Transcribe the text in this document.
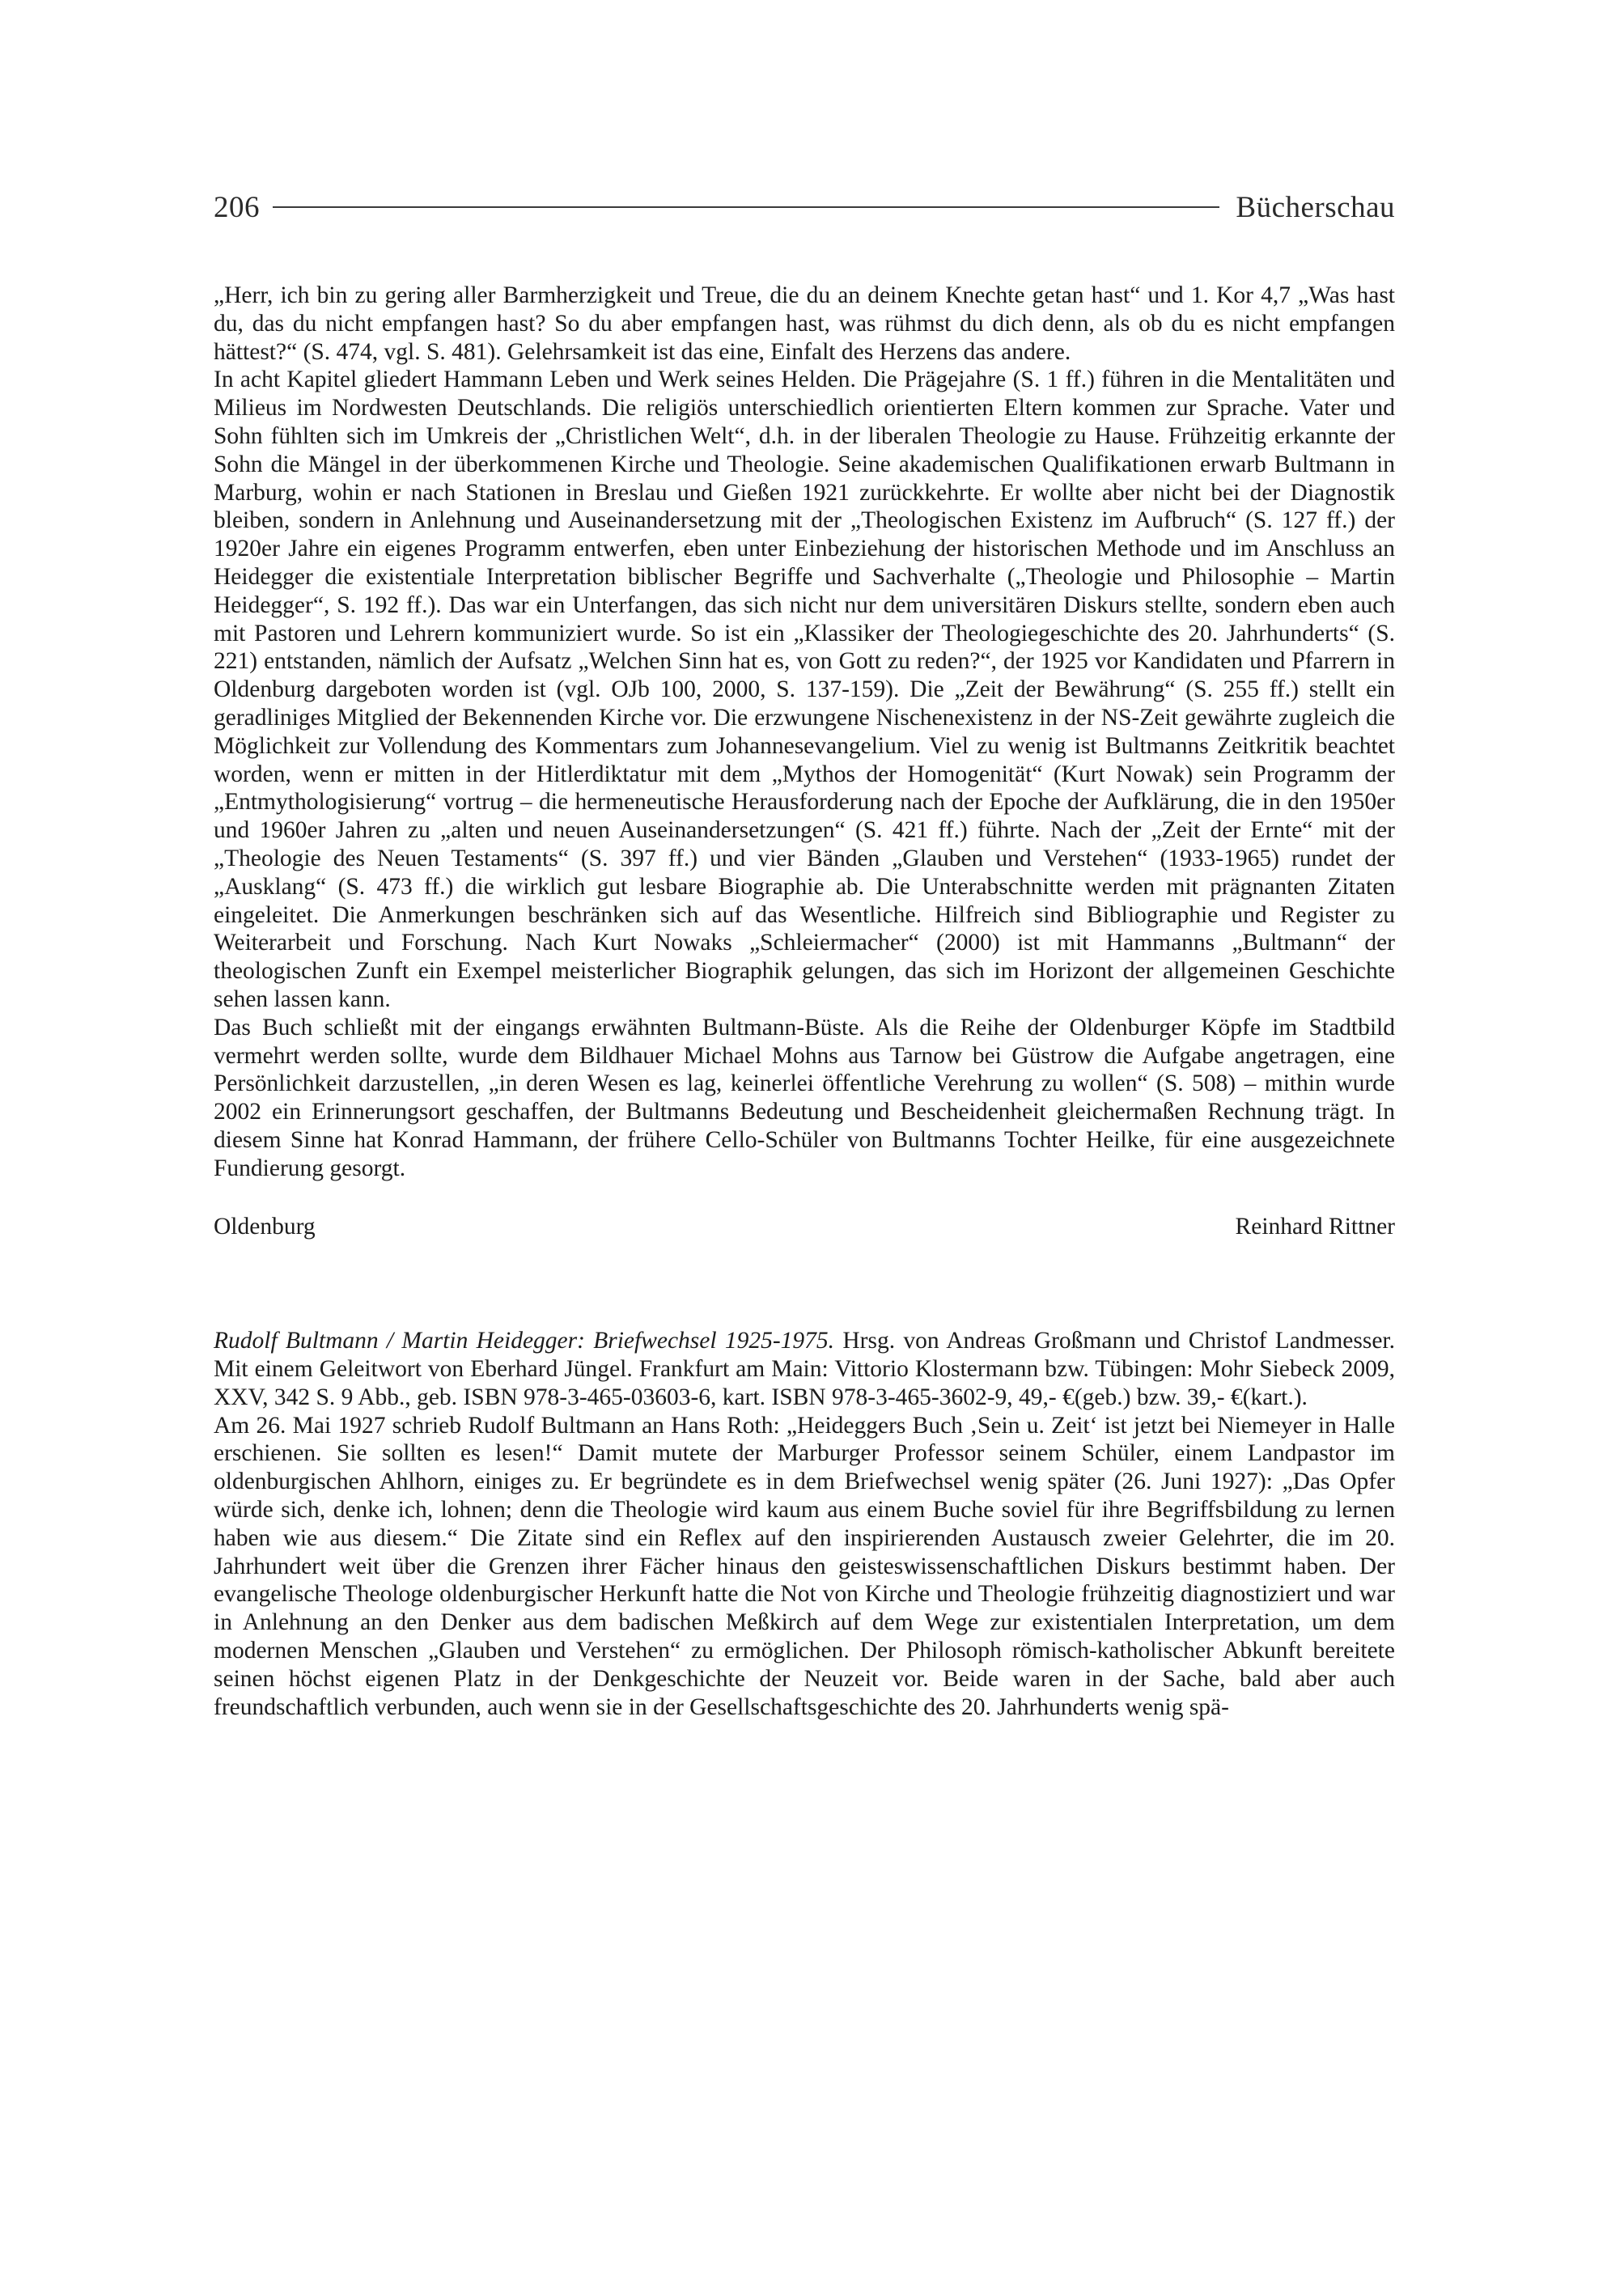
206	Bücherschau

„Herr, ich bin zu gering aller Barmherzigkeit und Treue, die du an deinem Knechte getan hast“ und 1. Kor 4,7 „Was hast du, das du nicht empfangen hast? So du aber empfangen hast, was rühmst du dich denn, als ob du es nicht empfangen hättest?“ (S. 474, vgl. S. 481). Gelehrsamkeit ist das eine, Einfalt des Herzens das andere.

In acht Kapitel gliedert Hammann Leben und Werk seines Helden. Die Prägejahre (S. 1 ff.) führen in die Mentalitäten und Milieus im Nordwesten Deutschlands. Die religiös unterschiedlich orientierten Eltern kommen zur Sprache. Vater und Sohn fühlten sich im Umkreis der „Christlichen Welt“, d.h. in der liberalen Theologie zu Hause. Frühzeitig erkannte der Sohn die Mängel in der überkommenen Kirche und Theologie. Seine akademischen Qualifikationen erwarb Bultmann in Marburg, wohin er nach Stationen in Breslau und Gießen 1921 zurückkehrte. Er wollte aber nicht bei der Diagnostik bleiben, sondern in Anlehnung und Auseinandersetzung mit der „Theologischen Existenz im Aufbruch“ (S. 127 ff.) der 1920er Jahre ein eigenes Programm entwerfen, eben unter Einbeziehung der historischen Methode und im Anschluss an Heidegger die existentiale Interpretation biblischer Begriffe und Sachverhalte („Theologie und Philosophie – Martin Heidegger“, S. 192 ff.). Das war ein Unterfangen, das sich nicht nur dem universitären Diskurs stellte, sondern eben auch mit Pastoren und Lehrern kommuniziert wurde. So ist ein „Klassiker der Theologiegeschichte des 20. Jahrhunderts“ (S. 221) entstanden, nämlich der Aufsatz „Welchen Sinn hat es, von Gott zu reden?“, der 1925 vor Kandidaten und Pfarrern in Oldenburg dargeboten worden ist (vgl. OJb 100, 2000, S. 137-159). Die „Zeit der Bewährung“ (S. 255 ff.) stellt ein geradliniges Mitglied der Bekennenden Kirche vor. Die erzwungene Nischenexistenz in der NS-Zeit gewährte zugleich die Möglichkeit zur Vollendung des Kommentars zum Johannesevangelium. Viel zu wenig ist Bultmanns Zeitkritik beachtet worden, wenn er mitten in der Hitlerdiktatur mit dem „Mythos der Homogenität“ (Kurt Nowak) sein Programm der „Entmythologisierung“ vortrug – die hermeneutische Herausforderung nach der Epoche der Aufklärung, die in den 1950er und 1960er Jahren zu „alten und neuen Auseinandersetzungen“ (S. 421 ff.) führte. Nach der „Zeit der Ernte“ mit der „Theologie des Neuen Testaments“ (S. 397 ff.) und vier Bänden „Glauben und Verstehen“ (1933-1965) rundet der „Ausklang“ (S. 473 ff.) die wirklich gut lesbare Biographie ab. Die Unterabschnitte werden mit prägnanten Zitaten eingeleitet. Die Anmerkungen beschränken sich auf das Wesentliche. Hilfreich sind Bibliographie und Register zu Weiterarbeit und Forschung. Nach Kurt Nowaks „Schleiermacher“ (2000) ist mit Hammanns „Bultmann“ der theologischen Zunft ein Exempel meisterlicher Biographik gelungen, das sich im Horizont der allgemeinen Geschichte sehen lassen kann.

Das Buch schließt mit der eingangs erwähnten Bultmann-Büste. Als die Reihe der Oldenburger Köpfe im Stadtbild vermehrt werden sollte, wurde dem Bildhauer Michael Mohns aus Tarnow bei Güstrow die Aufgabe angetragen, eine Persönlichkeit darzustellen, „in deren Wesen es lag, keinerlei öffentliche Verehrung zu wollen“ (S. 508) – mithin wurde 2002 ein Erinnerungsort geschaffen, der Bultmanns Bedeutung und Bescheidenheit gleichermaßen Rechnung trägt. In diesem Sinne hat Konrad Hammann, der frühere Cello-Schüler von Bultmanns Tochter Heilke, für eine ausgezeichnete Fundierung gesorgt.

Oldenburg	Reinhard Rittner

Rudolf Bultmann / Martin Heidegger: Briefwechsel 1925-1975. Hrsg. von Andreas Großmann und Christof Landmesser. Mit einem Geleitwort von Eberhard Jüngel. Frankfurt am Main: Vittorio Klostermann bzw. Tübingen: Mohr Siebeck 2009, XXV, 342 S. 9 Abb., geb. ISBN 978-3-465-03603-6, kart. ISBN 978-3-465-3602-9, 49,- €(geb.) bzw. 39,- €(kart.).

Am 26. Mai 1927 schrieb Rudolf Bultmann an Hans Roth: „Heideggers Buch ‚Sein u. Zeit‘ ist jetzt bei Niemeyer in Halle erschienen. Sie sollten es lesen!“ Damit mutete der Marburger Professor seinem Schüler, einem Landpastor im oldenburgischen Ahlhorn, einiges zu. Er begründete es in dem Briefwechsel wenig später (26. Juni 1927): „Das Opfer würde sich, denke ich, lohnen; denn die Theologie wird kaum aus einem Buche soviel für ihre Begriffsbildung zu lernen haben wie aus diesem.“ Die Zitate sind ein Reflex auf den inspirierenden Austausch zweier Gelehrter, die im 20. Jahrhundert weit über die Grenzen ihrer Fächer hinaus den geisteswissenschaftlichen Diskurs bestimmt haben. Der evangelische Theologe oldenburgischer Herkunft hatte die Not von Kirche und Theologie frühzeitig diagnostiziert und war in Anlehnung an den Denker aus dem badischen Meßkirch auf dem Wege zur existentialen Interpretation, um dem modernen Menschen „Glauben und Verstehen“ zu ermöglichen. Der Philosoph römisch-katholischer Abkunft bereitete seinen höchst eigenen Platz in der Denkgeschichte der Neuzeit vor. Beide waren in der Sache, bald aber auch freundschaftlich verbunden, auch wenn sie in der Gesellschaftsgeschichte des 20. Jahrhunderts wenig spä-
